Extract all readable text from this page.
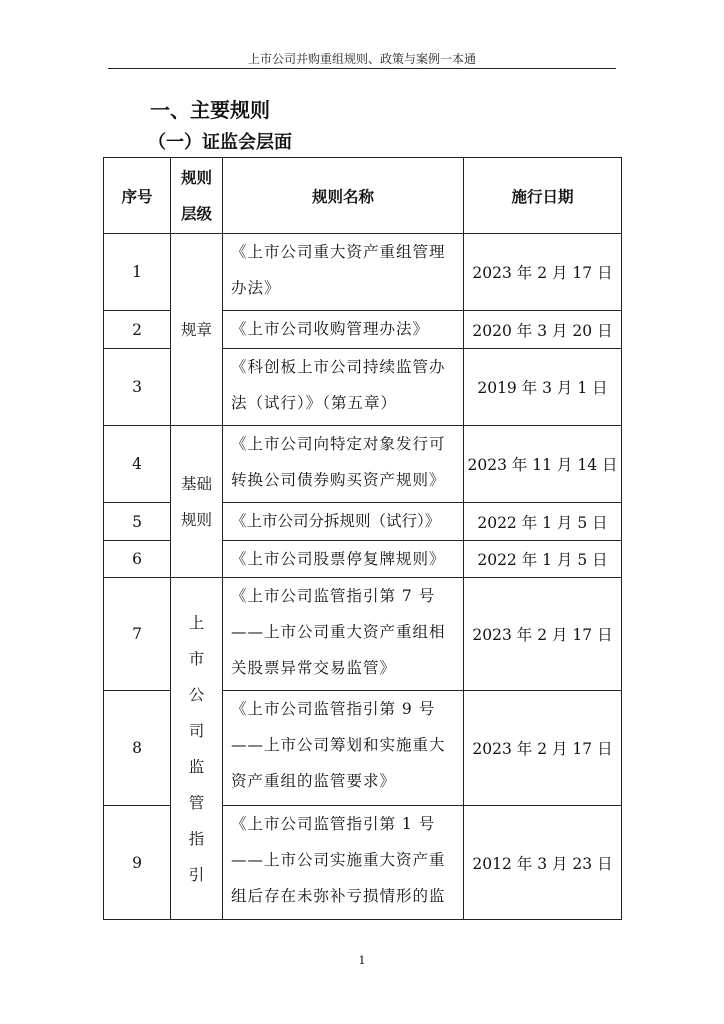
上市公司并购重组规则、政策与案例一本通
一、主要规则
（一）证监会层面
序号	规则层级	规则名称	施行日期
1	规章	《上市公司重大资产重组管理办法》	2023 年 2 月 17 日
2		《上市公司收购管理办法》	2020 年 3 月 20 日
3		《科创板上市公司持续监管办法（试行）》（第五章）	2019 年 3 月 1 日
4	基础规则	《上市公司向特定对象发行可转换公司债券购买资产规则》	2023 年 11 月 14 日
5		《上市公司分拆规则（试行）》	2022 年 1 月 5 日
6		《上市公司股票停复牌规则》	2022 年 1 月 5 日
7	上市公司监管指引	《上市公司监管指引第 7 号——上市公司重大资产重组相关股票异常交易监管》	2023 年 2 月 17 日
8		《上市公司监管指引第 9 号——上市公司筹划和实施重大资产重组的监管要求》	2023 年 2 月 17 日
9		《上市公司监管指引第 1 号——上市公司实施重大资产重组后存在未弥补亏损情形的监	2012 年 3 月 23 日
1
